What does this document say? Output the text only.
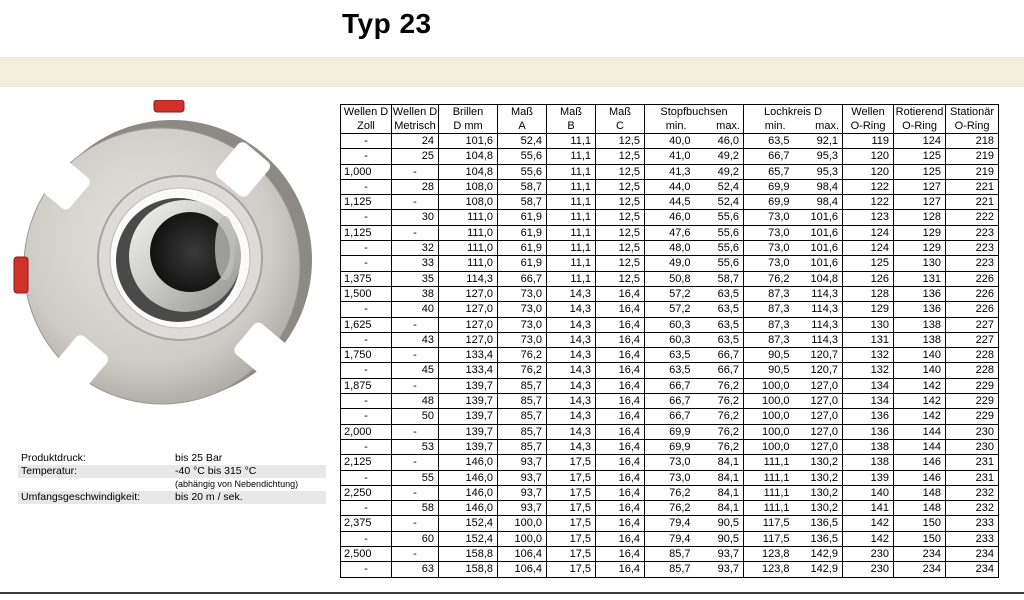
Typ 23
Produktdruck:	bis 25 Bar
Temperatur:	-40 °C bis 315 °C
	(abhängig von Nebendichtung)
Umfangsgeschwindigkeit:	bis 20 m / sek.
Wellen D	Wellen D	Brillen	Maß	Maß	Maß	Stopfbuchsen		Lochkreis D		Wellen	Rotierend	Stationär
Zoll	Metrisch	D mm	A	B	C	min.	max.	min.	max.	O-Ring	O-Ring	O-Ring
-	24	101,6	52,4	11,1	12,5	40,0	46,0	63,5	92,1	119	124	218
-	25	104,8	55,6	11,1	12,5	41,0	49,2	66,7	95,3	120	125	219
1,000	-	104,8	55,6	11,1	12,5	41,3	49,2	65,7	95,3	120	125	219
-	28	108,0	58,7	11,1	12,5	44,0	52,4	69,9	98,4	122	127	221
1,125	-	108,0	58,7	11,1	12,5	44,5	52,4	69,9	98,4	122	127	221
-	30	111,0	61,9	11,1	12,5	46,0	55,6	73,0	101,6	123	128	222
1,125	-	111,0	61,9	11,1	12,5	47,6	55,6	73,0	101,6	124	129	223
-	32	111,0	61,9	11,1	12,5	48,0	55,6	73,0	101,6	124	129	223
-	33	111,0	61,9	11,1	12,5	49,0	55,6	73,0	101,6	125	130	223
1,375	35	114,3	66,7	11,1	12,5	50,8	58,7	76,2	104,8	126	131	226
1,500	38	127,0	73,0	14,3	16,4	57,2	63,5	87,3	114,3	128	136	226
-	40	127,0	73,0	14,3	16,4	57,2	63,5	87,3	114,3	129	136	226
1,625	-	127,0	73,0	14,3	16,4	60,3	63,5	87,3	114,3	130	138	227
-	43	127,0	73,0	14,3	16,4	60,3	63,5	87,3	114,3	131	138	227
1,750	-	133,4	76,2	14,3	16,4	63,5	66,7	90,5	120,7	132	140	228
-	45	133,4	76,2	14,3	16,4	63,5	66,7	90,5	120,7	132	140	228
1,875	-	139,7	85,7	14,3	16,4	66,7	76,2	100,0	127,0	134	142	229
-	48	139,7	85,7	14,3	16,4	66,7	76,2	100,0	127,0	134	142	229
-	50	139,7	85,7	14,3	16,4	66,7	76,2	100,0	127,0	136	142	229
2,000	-	139,7	85,7	14,3	16,4	69,9	76,2	100,0	127,0	136	144	230
-	53	139,7	85,7	14,3	16,4	69,9	76,2	100,0	127,0	138	144	230
2,125	-	146,0	93,7	17,5	16,4	73,0	84,1	111,1	130,2	138	146	231
-	55	146,0	93,7	17,5	16,4	73,0	84,1	111,1	130,2	139	146	231
2,250	-	146,0	93,7	17,5	16,4	76,2	84,1	111,1	130,2	140	148	232
-	58	146,0	93,7	17,5	16,4	76,2	84,1	111,1	130,2	141	148	232
2,375	-	152,4	100,0	17,5	16,4	79,4	90,5	117,5	136,5	142	150	233
-	60	152,4	100,0	17,5	16,4	79,4	90,5	117,5	136,5	142	150	233
2,500	-	158,8	106,4	17,5	16,4	85,7	93,7	123,8	142,9	230	234	234
-	63	158,8	106,4	17,5	16,4	85,7	93,7	123,8	142,9	230	234	234
